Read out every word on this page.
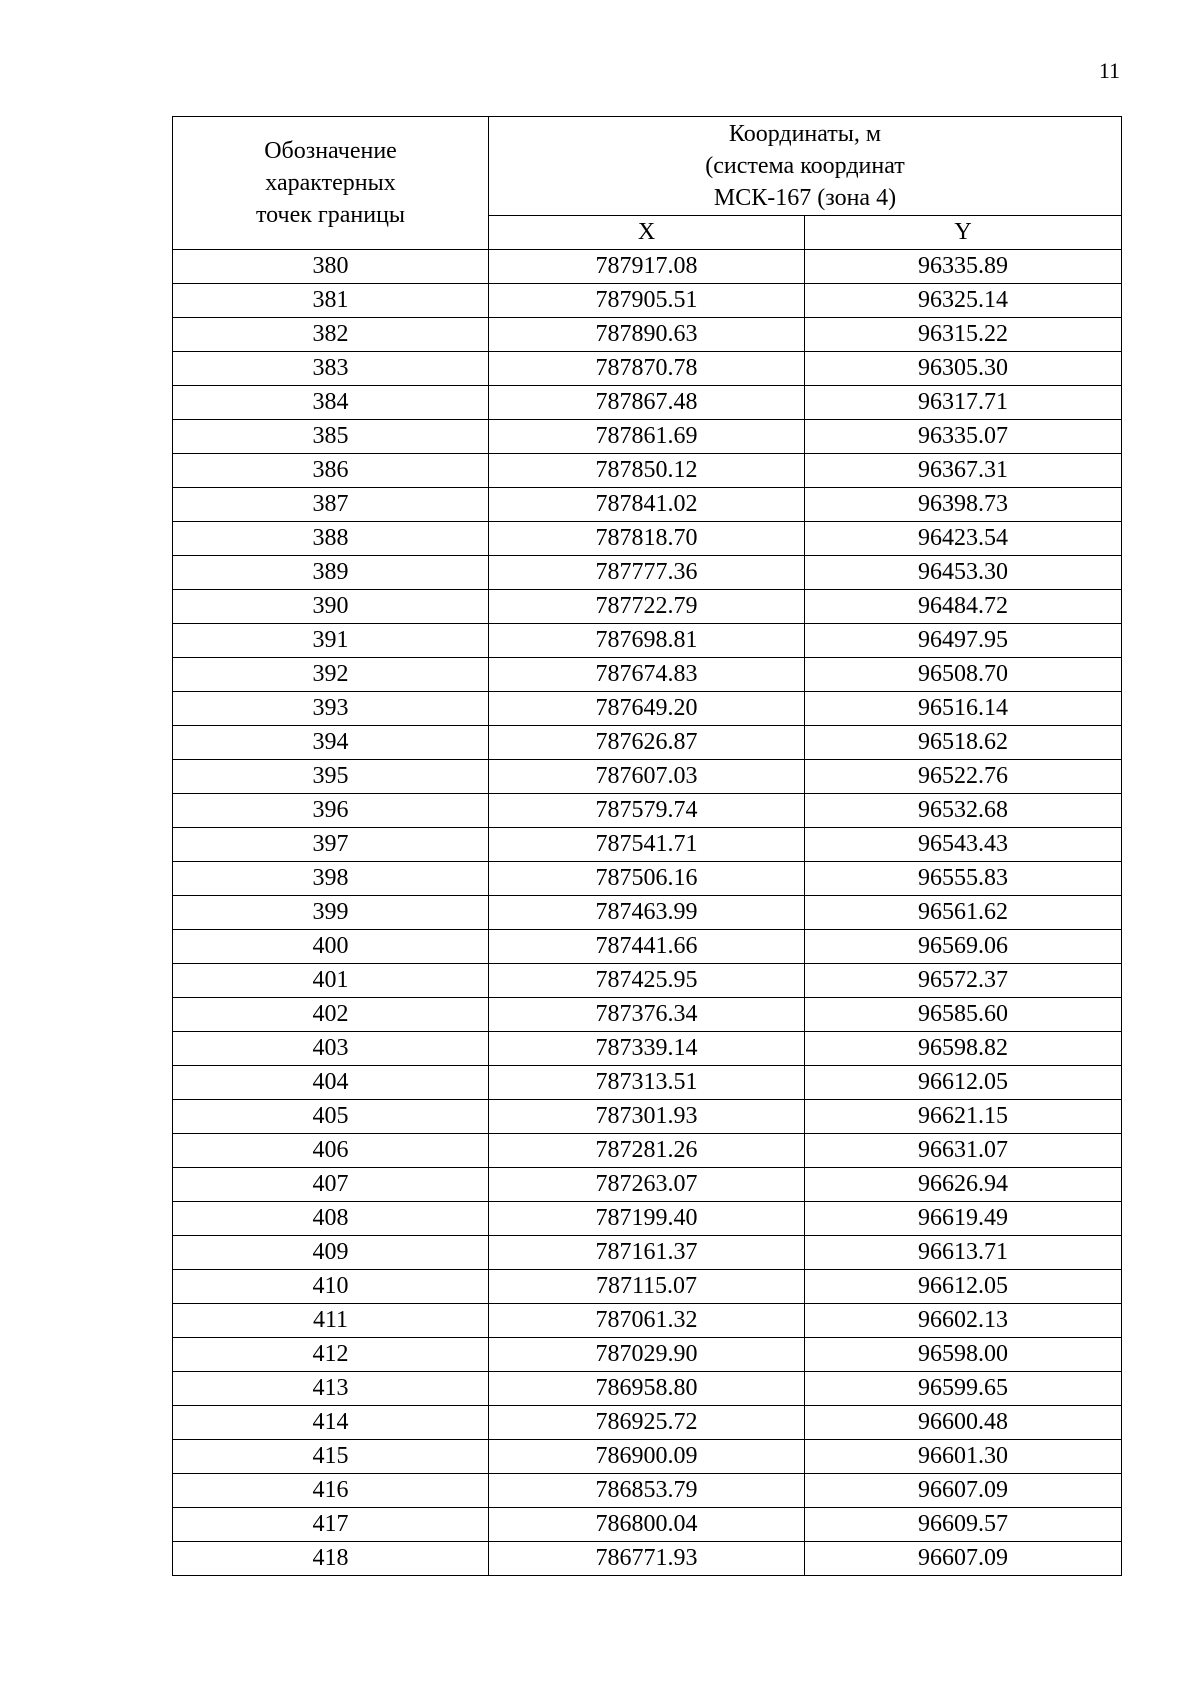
11
Обозначение
характерных
точек границы	Координаты, м
(система координат
МСК-167 (зона 4)	
	X	Y
380	787917.08	96335.89
381	787905.51	96325.14
382	787890.63	96315.22
383	787870.78	96305.30
384	787867.48	96317.71
385	787861.69	96335.07
386	787850.12	96367.31
387	787841.02	96398.73
388	787818.70	96423.54
389	787777.36	96453.30
390	787722.79	96484.72
391	787698.81	96497.95
392	787674.83	96508.70
393	787649.20	96516.14
394	787626.87	96518.62
395	787607.03	96522.76
396	787579.74	96532.68
397	787541.71	96543.43
398	787506.16	96555.83
399	787463.99	96561.62
400	787441.66	96569.06
401	787425.95	96572.37
402	787376.34	96585.60
403	787339.14	96598.82
404	787313.51	96612.05
405	787301.93	96621.15
406	787281.26	96631.07
407	787263.07	96626.94
408	787199.40	96619.49
409	787161.37	96613.71
410	787115.07	96612.05
411	787061.32	96602.13
412	787029.90	96598.00
413	786958.80	96599.65
414	786925.72	96600.48
415	786900.09	96601.30
416	786853.79	96607.09
417	786800.04	96609.57
418	786771.93	96607.09
